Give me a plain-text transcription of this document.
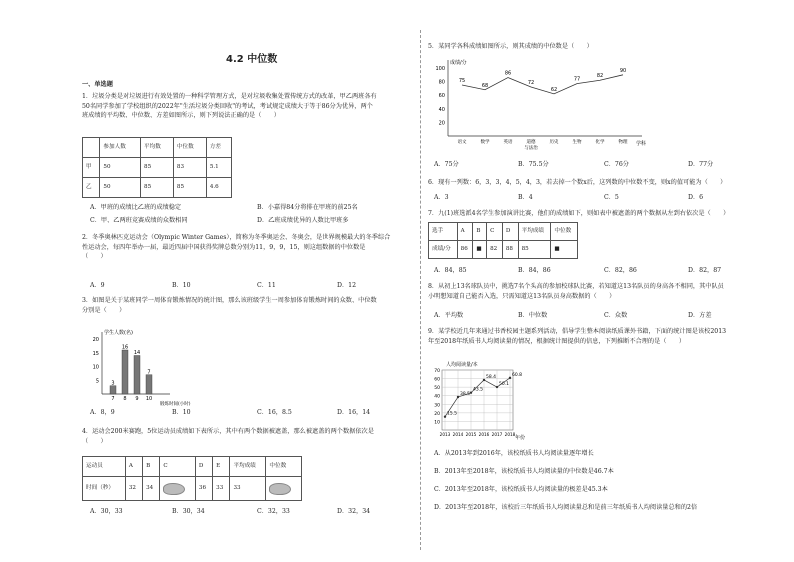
4.2 中位数
一、单选题

1．垃圾分类是对垃圾进行有效处置的一种科学管理方式，是对垃圾收集处置传统方式的改革，甲乙两班各有

50名同学参加了学校组织的2022年"生活垃圾分类回收"的考试，考试规定成绩大于等于86分为优异，两个

班成绩的平均数、中位数、方差如图所示，则下列说法正确的是（　　）

	参加人数	平均数	中位数	方差
甲	50	85	83	5.1
乙	50	85	85	4.6
A．甲班的成绩比乙班的成绩稳定	B．小嘉得84分将排在甲班的前25名
C．甲、乙两班竞赛成绩的众数相同	D．乙班成绩优异的人数比甲班多

2．冬季奥林匹克运动会（Olympic Winter Games），简称为冬季奥运会、冬奥会，是世界规模最大的冬季综合

性运动会，每四年举办一届，最近四届中国获得奖牌总数分别为11，9，9，15，则这组数据的中位数是

（　　）

A．9	B．10	C．11	D．12

3．如图是关于某班同学一周体育锻炼情况的统计图，那么该班级学生一周参加体育锻炼时间的众数、中位数

分别是（　　）

学生人数(名)
锻炼时间(小时)
5
10
15
20
3
7
16
8
14
9
7
10
A．8，9	B．10	C．16，8.5	D．16，14

4．运动会200米赛跑，5位运动员成绩如下表所示，其中有两个数据被遮盖，那么被遮盖的两个数据依次是

（　　）

运动员	A	B	C	D	E	平均成绩	中位数
时间（秒）	32	34		36	33	33	
A．30，33	B．30，34	C．32，33	D．32，34
5．某同学各科成绩如图所示，则其成绩的中位数是（　　）
成绩/分
学科
100
80
60
40
20
75
语文
68
数学
86
英语
72
道德
与法治
62
历史
77
生物
82
化学
90
物理
A．75分	B．75.5分	C．76分	D．77分
6．现有一列数：6，3，3，4，5，4，3，若去掉一个数x后，这列数的中位数不变，则x的值可能为（　　）
A．3	B．4	C．5	D．6
7．九(1)班选派4名学生参加演讲比赛，他们的成绩如下，则如表中被遮盖的两个数据从左到右依次是（　　）
选手	A	B	C	D	平均成绩	中位数
成绩/分	86	■	82	88	85	■
A．84，85	B．84，86	C．82，86	D．82，87

8．从初上13名球队员中，挑选7名个头高的参加校球队比赛，若知道这13名队员的身高各不相同，其中队员

小明想知道自己能否入选，只需知道这13名队员身高数据的（　　）

A．平均数	B．中位数	C．众数	D．方差

9．某学校近几年来通过书香校园主题系列活动，倡导学生整本阅读纸质课外书籍，下面的统计图是该校2013

年至2018年纸质书人均阅读量的情况，根据统计图提供的信息，下列推断不合理的是（　　）

70
60
50
40
30
20
10
人均阅读量/本
年份
15.5
2013
38.5
2014
43.5
2015
58.4
2016
50.1
2017
60.8
2018
A．从2013年到2016年，该校纸质书人均阅读量逐年增长
B．2013年至2018年，该校纸质书人均阅读量的中位数是46.7本
C．2013年至2018年，该校纸质书人均阅读量的极差是45.3本
D．2013年至2018年，该校后三年纸质书人均阅读量总和是前三年纸质书人均阅读量总和的2倍
